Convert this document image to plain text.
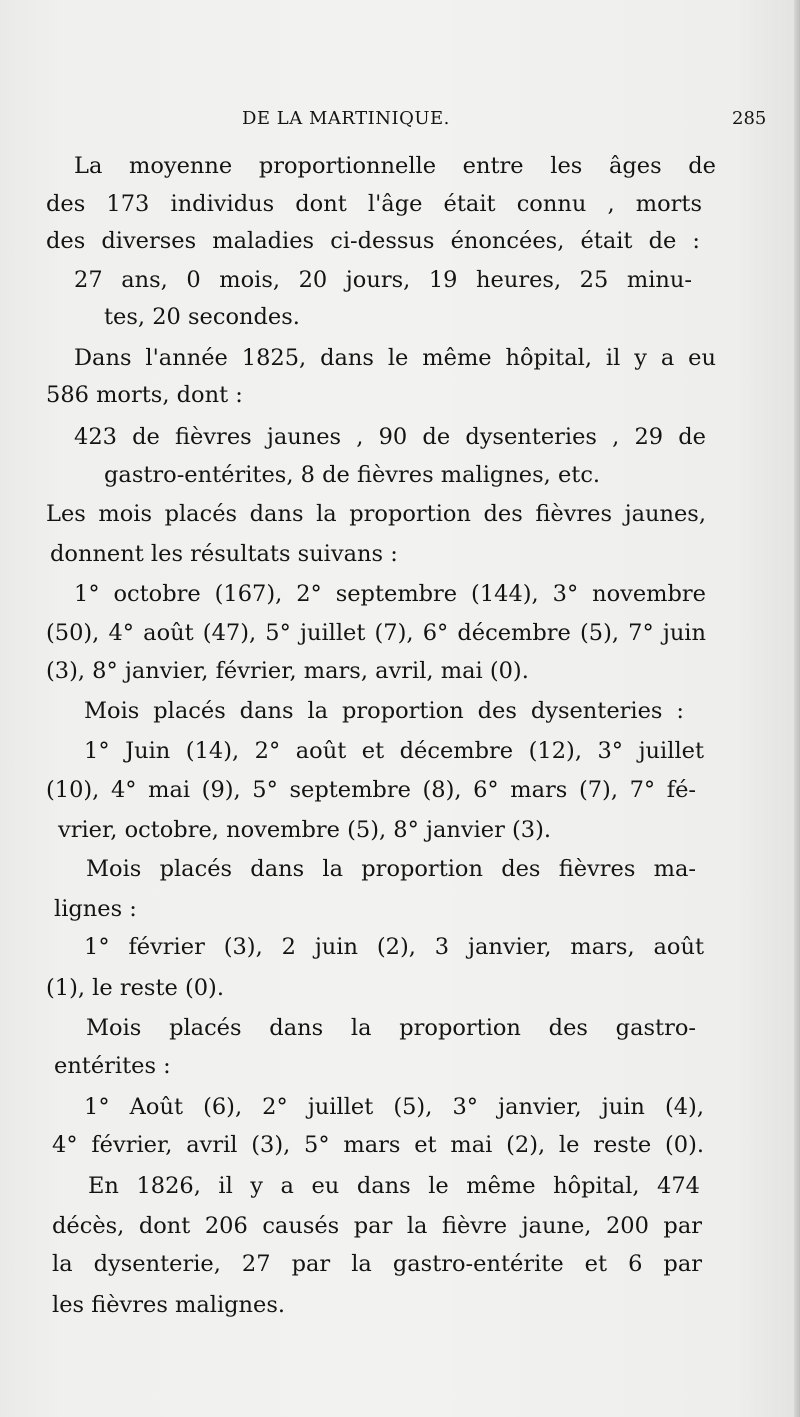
DE LA MARTINIQUE.	285
La moyenne proportionnelle entre les âges de
des 173 individus dont l'âge était connu , morts
des diverses maladies ci-dessus énoncées, était de :
27 ans, 0 mois, 20 jours, 19 heures, 25 minu-
tes, 20 secondes.
Dans l'année 1825, dans le même hôpital, il y a eu
586 morts, dont :
423 de fièvres jaunes , 90 de dysenteries , 29 de
gastro-entérites, 8 de fièvres malignes, etc.
Les mois placés dans la proportion des fièvres jaunes,
donnent les résultats suivans :
1° octobre (167), 2° septembre (144), 3° novembre
(50), 4° août (47), 5° juillet (7), 6° décembre (5), 7° juin
(3), 8° janvier, février, mars, avril, mai (0).
Mois placés dans la proportion des dysenteries :
1° Juin (14), 2° août et décembre (12), 3° juillet
(10), 4° mai (9), 5° septembre (8), 6° mars (7), 7° fé-
vrier, octobre, novembre (5), 8° janvier (3).
Mois placés dans la proportion des fièvres ma-
lignes :
1° février (3), 2 juin (2), 3 janvier, mars, août
(1), le reste (0).
Mois placés dans la proportion des gastro-
entérites :
1° Août (6), 2° juillet (5), 3° janvier, juin (4),
4° février, avril (3), 5° mars et mai (2), le reste (0).
En 1826, il y a eu dans le même hôpital, 474
décès, dont 206 causés par la fièvre jaune, 200 par
la dysenterie, 27 par la gastro-entérite et 6 par
les fièvres malignes.
